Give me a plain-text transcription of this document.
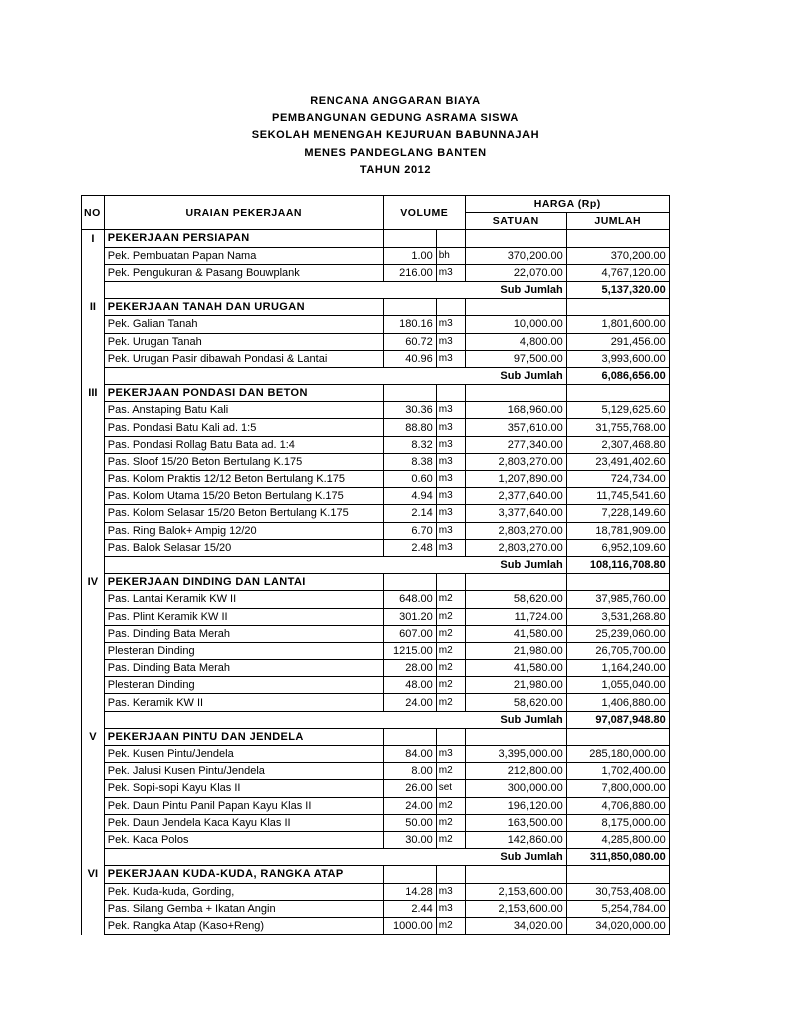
RENCANA ANGGARAN BIAYA
PEMBANGUNAN GEDUNG ASRAMA SISWA
SEKOLAH MENENGAH KEJURUAN BABUNNAJAH
MENES PANDEGLANG BANTEN
TAHUN 2012
				HARGA (Rp)	
NO	URAIAN PEKERJAAN	VOLUME		SATUAN	JUMLAH
I	PEKERJAAN PERSIAPAN				
	Pek. Pembuatan Papan Nama	1.00	bh	370,200.00	370,200.00
	Pek. Pengukuran & Pasang Bouwplank	216.00	m3	22,070.00	4,767,120.00
				Sub Jumlah	5,137,320.00
II	PEKERJAAN TANAH DAN URUGAN				
	Pek. Galian Tanah	180.16	m3	10,000.00	1,801,600.00
	Pek. Urugan Tanah	60.72	m3	4,800.00	291,456.00
	Pek. Urugan Pasir dibawah Pondasi & Lantai	40.96	m3	97,500.00	3,993,600.00
				Sub Jumlah	6,086,656.00
III	PEKERJAAN PONDASI DAN BETON				
	Pas. Anstaping Batu Kali	30.36	m3	168,960.00	5,129,625.60
	Pas. Pondasi Batu Kali ad. 1:5	88.80	m3	357,610.00	31,755,768.00
	Pas. Pondasi Rollag Batu Bata ad. 1:4	8.32	m3	277,340.00	2,307,468.80
	Pas. Sloof 15/20 Beton Bertulang K.175	8.38	m3	2,803,270.00	23,491,402.60
	Pas. Kolom Praktis 12/12 Beton Bertulang K.175	0.60	m3	1,207,890.00	724,734.00
	Pas. Kolom Utama 15/20 Beton Bertulang K.175	4.94	m3	2,377,640.00	11,745,541.60
	Pas. Kolom Selasar 15/20 Beton Bertulang K.175	2.14	m3	3,377,640.00	7,228,149.60
	Pas. Ring Balok+ Ampig 12/20	6.70	m3	2,803,270.00	18,781,909.00
	Pas. Balok Selasar 15/20	2.48	m3	2,803,270.00	6,952,109.60
				Sub Jumlah	108,116,708.80
IV	PEKERJAAN DINDING DAN LANTAI				
	Pas. Lantai Keramik KW II	648.00	m2	58,620.00	37,985,760.00
	Pas. Plint Keramik KW II	301.20	m2	11,724.00	3,531,268.80
	Pas. Dinding Bata Merah	607.00	m2	41,580.00	25,239,060.00
	Plesteran Dinding	1215.00	m2	21,980.00	26,705,700.00
	Pas. Dinding Bata Merah	28.00	m2	41,580.00	1,164,240.00
	Plesteran Dinding	48.00	m2	21,980.00	1,055,040.00
	Pas. Keramik KW II	24.00	m2	58,620.00	1,406,880.00
				Sub Jumlah	97,087,948.80
V	PEKERJAAN PINTU DAN JENDELA				
	Pek. Kusen Pintu/Jendela	84.00	m3	3,395,000.00	285,180,000.00
	Pek. Jalusi Kusen Pintu/Jendela	8.00	m2	212,800.00	1,702,400.00
	Pek. Sopi-sopi Kayu Klas II	26.00	set	300,000.00	7,800,000.00
	Pek. Daun Pintu Panil Papan Kayu Klas II	24.00	m2	196,120.00	4,706,880.00
	Pek. Daun Jendela Kaca Kayu Klas II	50.00	m2	163,500.00	8,175,000.00
	Pek. Kaca Polos	30.00	m2	142,860.00	4,285,800.00
				Sub Jumlah	311,850,080.00
VI	PEKERJAAN KUDA-KUDA, RANGKA ATAP				
	Pek. Kuda-kuda, Gording,	14.28	m3	2,153,600.00	30,753,408.00
	Pas. Silang Gemba + Ikatan Angin	2.44	m3	2,153,600.00	5,254,784.00
	Pek. Rangka Atap (Kaso+Reng)	1000.00	m2	34,020.00	34,020,000.00
